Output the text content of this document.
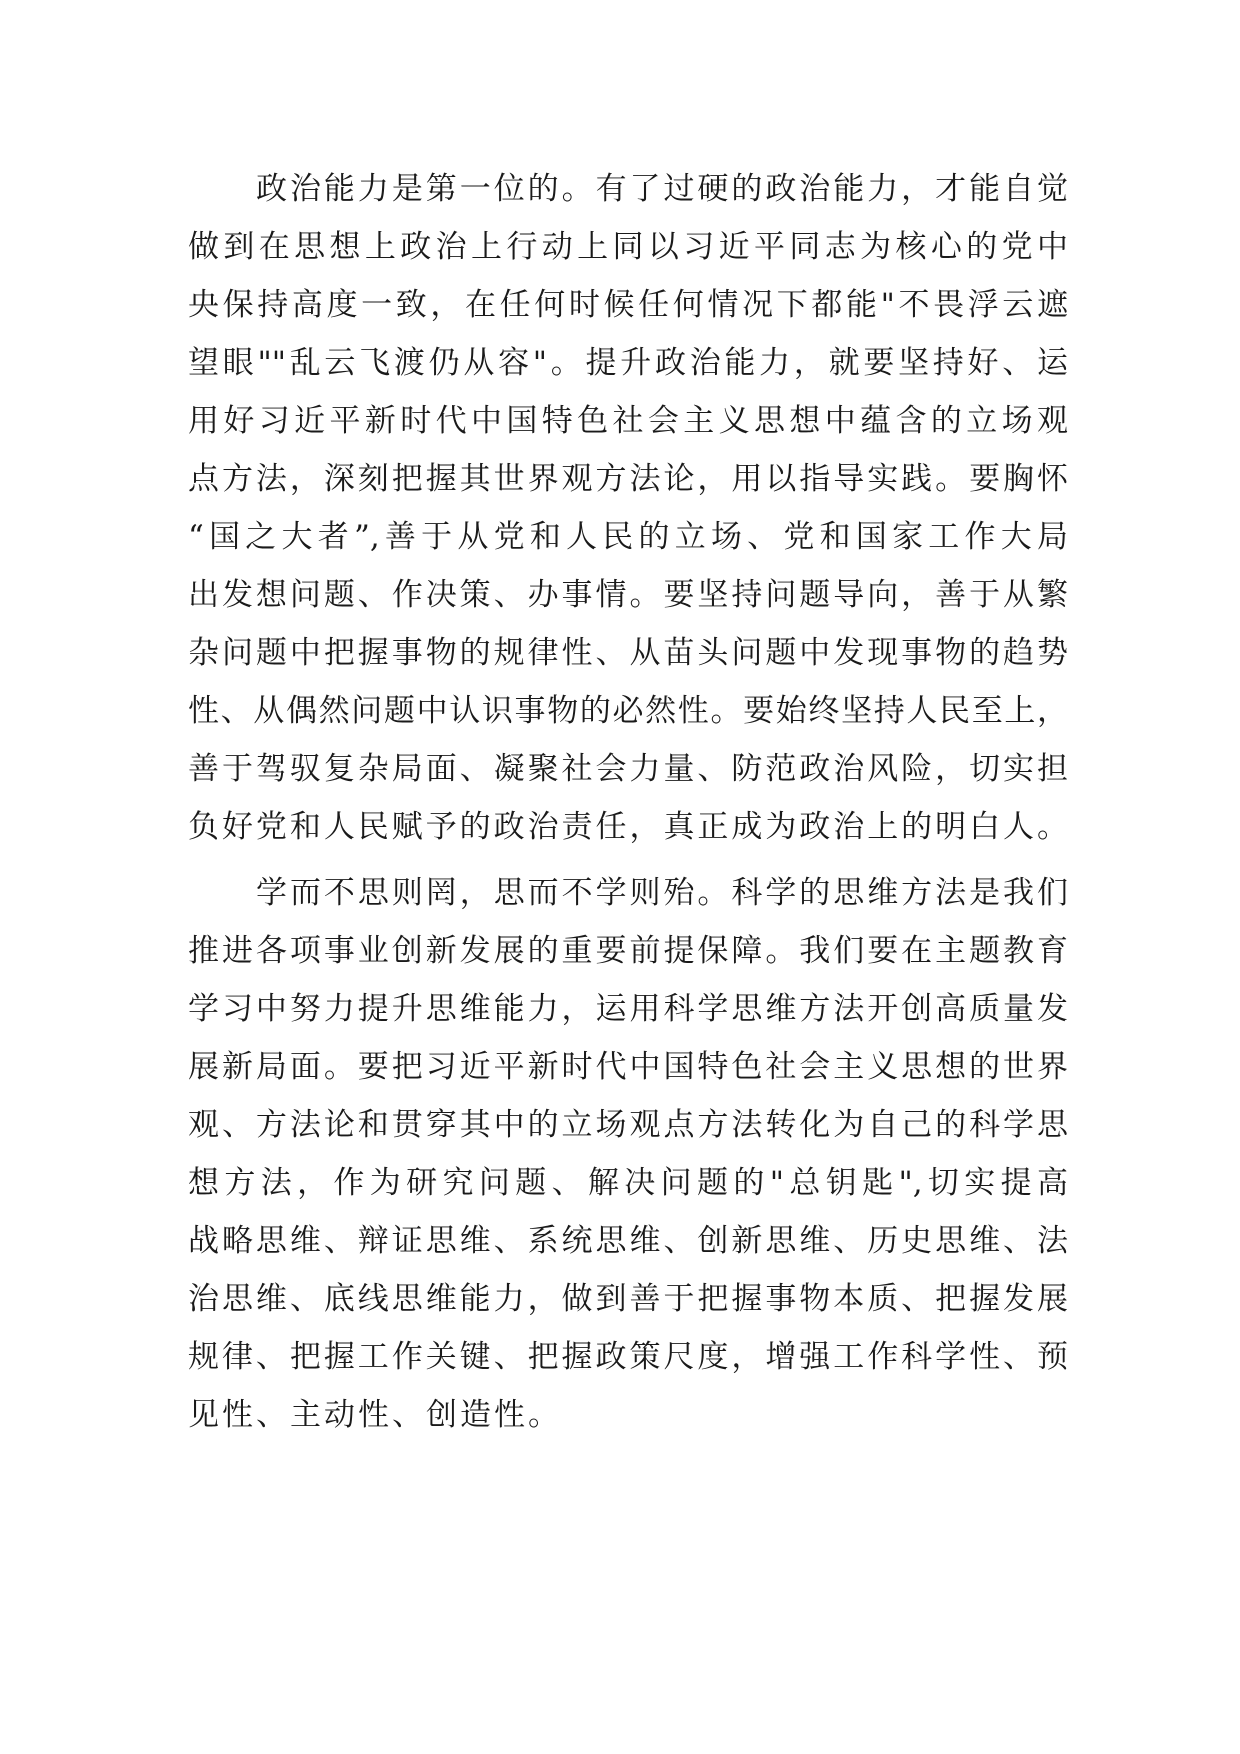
政治能力是第一位的。有了过硬的政治能力，才能自觉
做到在思想上政治上行动上同以习近平同志为核心的党中
央保持高度一致，在任何时候任何情况下都能"不畏浮云遮
望眼""乱云飞渡仍从容"。提升政治能力，就要坚持好、运
用好习近平新时代中国特色社会主义思想中蕴含的立场观
点方法，深刻把握其世界观方法论，用以指导实践。要胸怀
“国之大者”,善于从党和人民的立场、党和国家工作大局
出发想问题、作决策、办事情。要坚持问题导向，善于从繁
杂问题中把握事物的规律性、从苗头问题中发现事物的趋势
性、从偶然问题中认识事物的必然性。要始终坚持人民至上，
善于驾驭复杂局面、凝聚社会力量、防范政治风险，切实担
负好党和人民赋予的政治责任，真正成为政治上的明白人。
学而不思则罔，思而不学则殆。科学的思维方法是我们
推进各项事业创新发展的重要前提保障。我们要在主题教育
学习中努力提升思维能力，运用科学思维方法开创高质量发
展新局面。要把习近平新时代中国特色社会主义思想的世界
观、方法论和贯穿其中的立场观点方法转化为自己的科学思
想方法，作为研究问题、解决问题的"总钥匙",切实提高
战略思维、辩证思维、系统思维、创新思维、历史思维、法
治思维、底线思维能力，做到善于把握事物本质、把握发展
规律、把握工作关键、把握政策尺度，增强工作科学性、预
见性、主动性、创造性。
